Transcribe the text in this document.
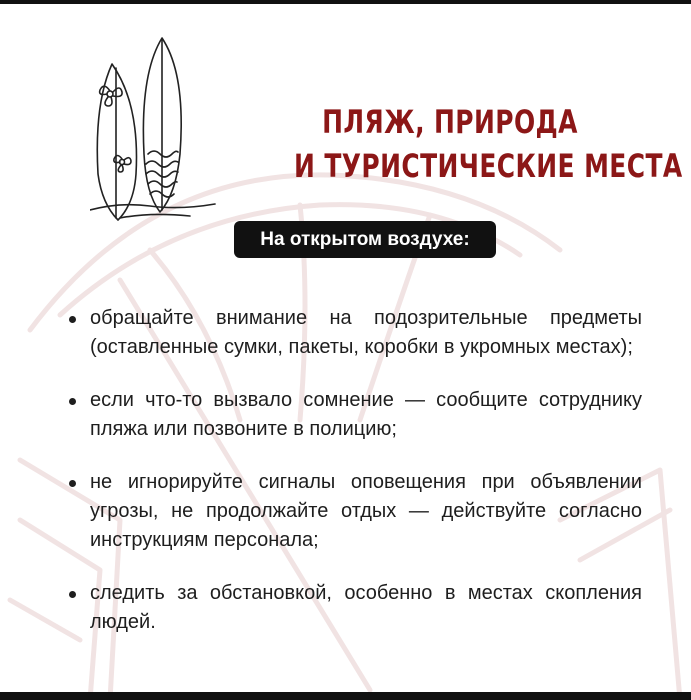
ПЛЯЖ, ПРИРОДА
И ТУРИСТИЧЕСКИЕ МЕСТА
На открытом воздухе:
обращайте внимание на подозрительные предметы (оставленные сумки, пакеты, коробки в укромных местах);
если что-то вызвало сомнение — сообщите сотруднику пляжа или позвоните в полицию;
не игнорируйте сигналы оповещения при объявлении угрозы, не продолжайте отдых — действуйте согласно инструкциям персонала;
следить за обстановкой, особенно в местах скопления людей.
